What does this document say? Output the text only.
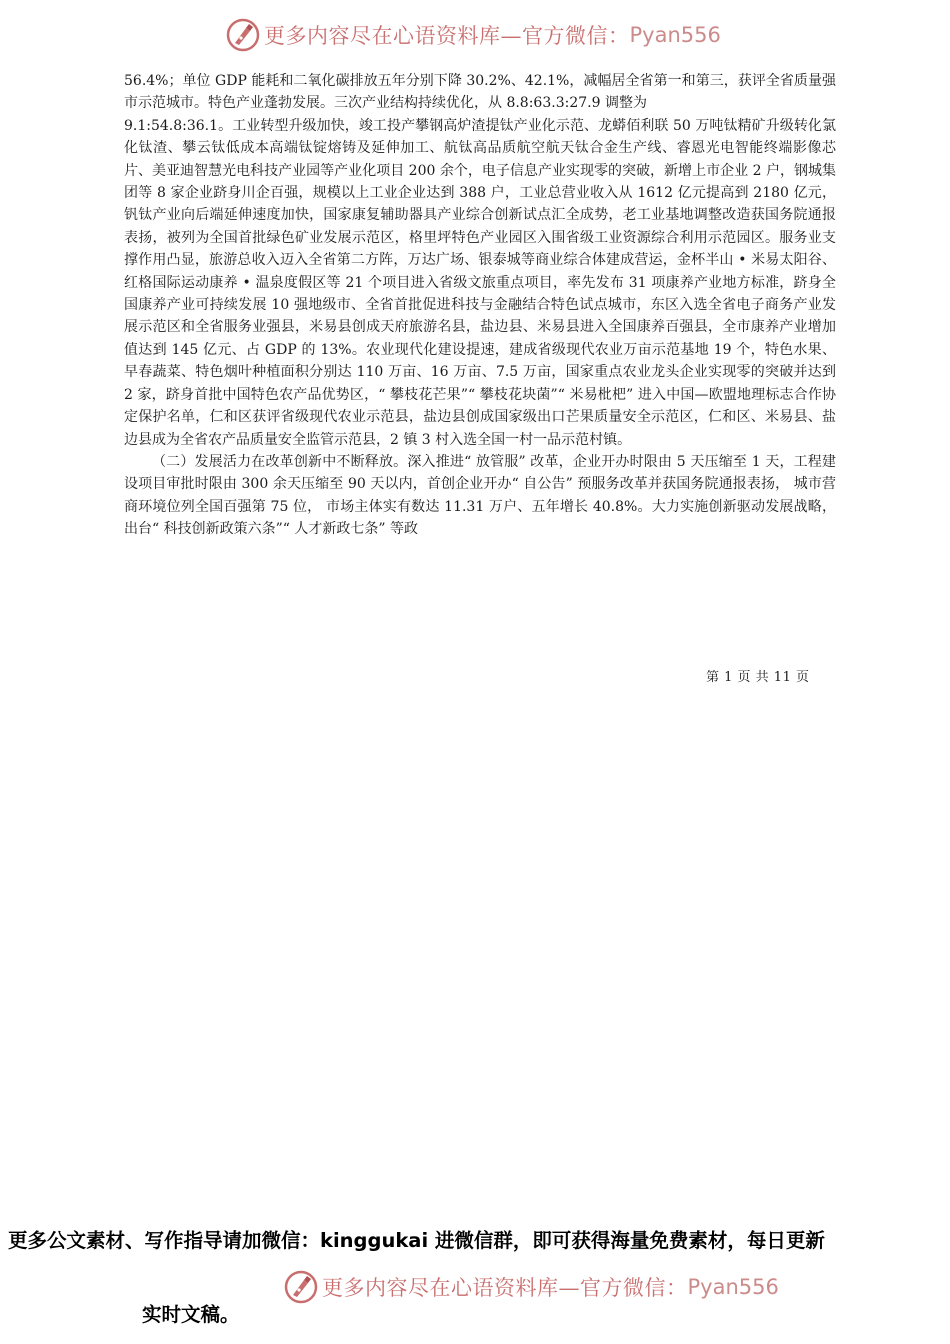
更多内容尽在心语资料库—官方微信： Pyan556

56.4%；单位 GDP 能耗和二氧化碳排放五年分别下降 30.2%、42.1%，减幅居全省第一和第三，获评全省质量强市示范城市。特色产业蓬勃发展。三次产业结构持续优化，从 8.8:63.3:27.9 调整为

9.1:54.8:36.1。工业转型升级加快，竣工投产攀钢高炉渣提钛产业化示范、龙蟒佰利联 50 万吨钛精矿升级转化氯化钛渣、攀云钛低成本高端钛锭熔铸及延伸加工、航钛高品质航空航天钛合金生产线、睿恩光电智能终端影像芯片、美亚迪智慧光电科技产业园等产业化项目 200 余个，电子信息产业实现零的突破，新增上市企业 2 户，钢城集团等 8 家企业跻身川企百强，规模以上工业企业达到 388 户，工业总营业收入从 1612 亿元提高到 2180 亿元，钒钛产业向后端延伸速度加快，国家康复辅助器具产业综合创新试点汇全成势，老工业基地调整改造获国务院通报表扬，被列为全国首批绿色矿业发展示范区，格里坪特色产业园区入围省级工业资源综合利用示范园区。服务业支撑作用凸显，旅游总收入迈入全省第二方阵，万达广场、银泰城等商业综合体建成营运，金杯半山 • 米易太阳谷、红格国际运动康养 • 温泉度假区等 21 个项目进入省级文旅重点项目，率先发布 31 项康养产业地方标准，跻身全国康养产业可持续发展 10 强地级市、全省首批促进科技与金融结合特色试点城市，东区入选全省电子商务产业发展示范区和全省服务业强县，米易县创成天府旅游名县，盐边县、米易县进入全国康养百强县，全市康养产业增加值达到 145 亿元、占 GDP 的 13%。农业现代化建设提速，建成省级现代农业万亩示范基地 19 个，特色水果、早春蔬菜、特色烟叶种植面积分别达 110 万亩、16 万亩、7.5 万亩，国家重点农业龙头企业实现零的突破并达到 2 家，跻身首批中国特色农产品优势区，“ 攀枝花芒果”“ 攀枝花块菌”“ 米易枇杷” 进入中国—欧盟地理标志合作协定保护名单，仁和区获评省级现代农业示范县，盐边县创成国家级出口芒果质量安全示范区，仁和区、米易县、盐边县成为全省农产品质量安全监管示范县，2 镇 3 村入选全国一村一品示范村镇。

（二）发展活力在改革创新中不断释放。深入推进“ 放管服” 改革，企业开办时限由 5 天压缩至 1 天，工程建设项目审批时限由 300 余天压缩至 90 天以内，首创企业开办“ 自公告” 预服务改革并获国务院通报表扬， 城市营商环境位列全国百强第 75 位， 市场主体实有数达 11.31 万户、五年增长 40.8%。大力实施创新驱动发展战略，出台“ 科技创新政策六条”“ 人才新政七条” 等政

第 1 页 共 11 页

更多公文素材、写作指导请加微信：kinggukai 进微信群，即可获得海量免费素材，每日更新

更多内容尽在心语资料库—官方微信： Pyan556
实时文稿。
